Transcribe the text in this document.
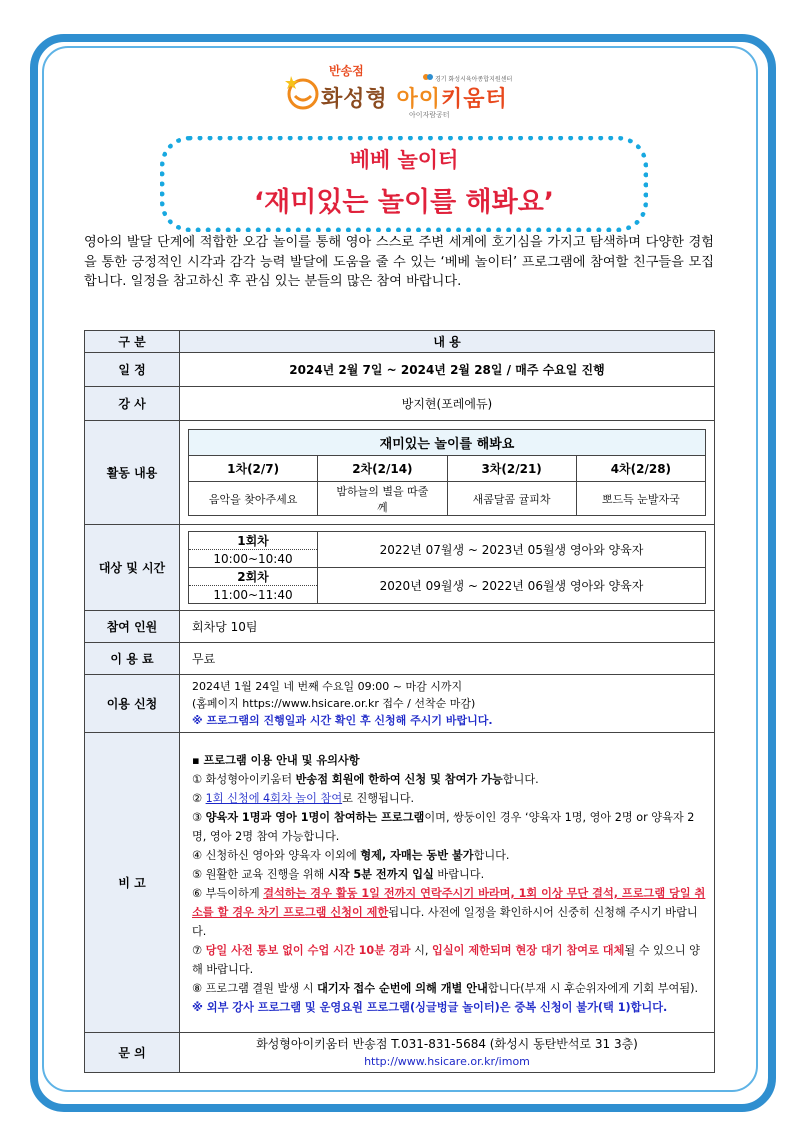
반송점
화성형 아이키움터
아이자람공터
경기 화성시육아종합지원센터
베베 놀이터
‘재미있는 놀이를 해봐요’
영아의 발달 단계에 적합한 오감 놀이를 통해 영아 스스로 주변 세계에 호기심을 가지고 탐색하며 다양한 경험을 통한 긍정적인 시각과 감각 능력 발달에 도움을 줄 수 있는 ‘베베 놀이터’ 프로그램에 참여할 친구들을 모집합니다. 일정을 참고하신 후 관심 있는 분들의 많은 참여 바랍니다.
구 분	내 용
일 정	2024년 2월 7일 ~ 2024년 2월 28일 / 매주 수요일 진행
강 사	방지현(포레에듀)
활동 내용	
재미있는 놀이를 해봐요
1차(2/7)	2차(2/14)	3차(2/21)	4차(2/28)
음악을 찾아주세요	밤하늘의 별을 따줄께	새콤달콤 귤피차	뽀드득 눈발자국

대상 및 시간	
1회차	2022년 07월생 ~ 2023년 05월생 영아와 양육자
10:00~10:40
2회차	2020년 09월생 ~ 2022년 06월생 영아와 양육자
11:00~11:40

참여 인원	회차당 10팀
이 용 료	무료
이용 신청	
2024년 1월 24일 네 번째 수요일 09:00 ~ 마감 시까지
(홈페이지 https://www.hsicare.or.kr 접수 / 선착순 마감)
※ 프로그램의 진행일과 시간 확인 후 신청해 주시기 바랍니다.

비 고	
▪ 프로그램 이용 안내 및 유의사항
① 화성형아이키움터 반송점 회원에 한하여 신청 및 참여가 가능합니다.
② 1회 신청에 4회차 놀이 참여로 진행됩니다.
③ 양육자 1명과 영아 1명이 참여하는 프로그램이며, 쌍둥이인 경우 ‘양육자 1명, 영아 2명 or 양육자 2명, 영아 2명 참여 가능합니다.
④ 신청하신 영아와 양육자 이외에 형제, 자매는 동반 불가합니다.
⑤ 원활한 교육 진행을 위해 시작 5분 전까지 입실 바랍니다.
⑥ 부득이하게 결석하는 경우 활동 1일 전까지 연락주시기 바라며, 1회 이상 무단 결석, 프로그램 당일 취소를 할 경우 차기 프로그램 신청이 제한됩니다. 사전에 일정을 확인하시어 신중히 신청해 주시기 바랍니다.
⑦ 당일 사전 통보 없이 수업 시간 10분 경과 시, 입실이 제한되며 현장 대기 참여로 대체될 수 있으니 양해 바랍니다.
⑧ 프로그램 결원 발생 시 대기자 접수 순번에 의해 개별 안내합니다(부재 시 후순위자에게 기회 부여됨).
※ 외부 강사 프로그램 및 운영요원 프로그램(싱글벙글 놀이터)은 중복 신청이 불가(택 1)합니다.

문 의	
화성형아이키움터 반송점 T.031-831-5684 (화성시 동탄반석로 31 3층)
http://www.hsicare.or.kr/imom
